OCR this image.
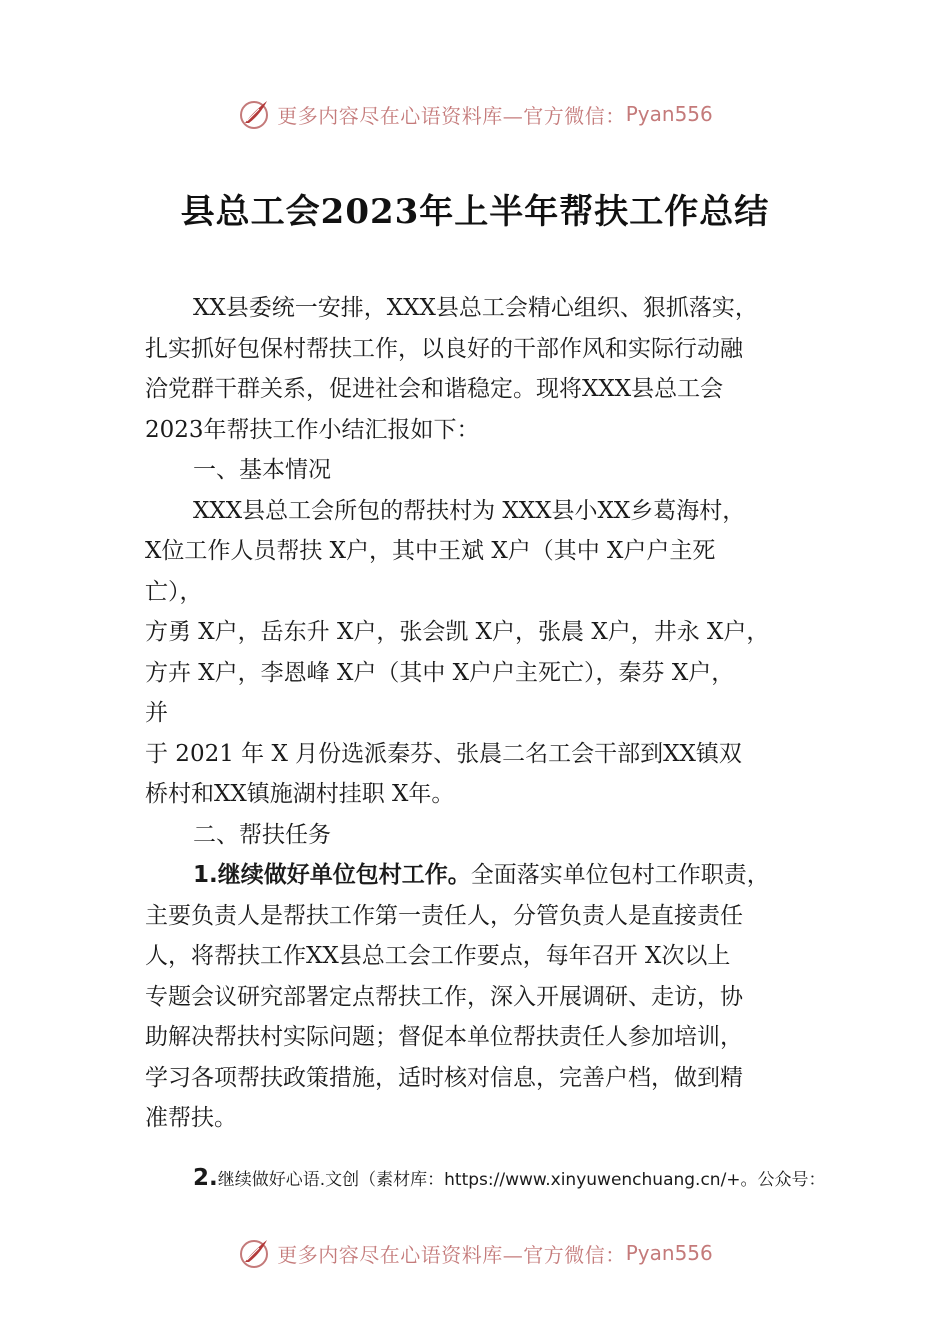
更多内容尽在心语资料库—官方微信： Pyan556
县总工会2023年上半年帮扶工作总结
XX县委统一安排，XXX县总工会精心组织、狠抓落实，
扎实抓好包保村帮扶工作，以良好的干部作风和实际行动融
洽党群干群关系，促进社会和谐稳定。现将XXX县总工会
2023年帮扶工作小结汇报如下：
一、基本情况
XXX县总工会所包的帮扶村为 XXX县小XX乡葛海村，
X位工作人员帮扶 X户，其中王斌 X户（其中 X户户主死
亡），
方勇 X户，岳东升 X户，张会凯 X户，张晨 X户，井永 X户，
方卉 X户，李恩峰 X户（其中 X户户主死亡），秦芬 X户，
并
于 2021 年 X 月份选派秦芬、张晨二名工会干部到XX镇双
桥村和XX镇施湖村挂职 X年。
二、帮扶任务
1.继续做好单位包村工作。全面落实单位包村工作职责，
主要负责人是帮扶工作第一责任人，分管负责人是直接责任
人，将帮扶工作XX县总工会工作要点，每年召开 X次以上
专题会议研究部署定点帮扶工作，深入开展调研、走访，协
助解决帮扶村实际问题；督促本单位帮扶责任人参加培训，
学习各项帮扶政策措施，适时核对信息，完善户档，做到精
准帮扶。
2.继续做好心语.文创（素材库：https://www.xinyuwenchuang.cn/+。公众号：
更多内容尽在心语资料库—官方微信： Pyan556
